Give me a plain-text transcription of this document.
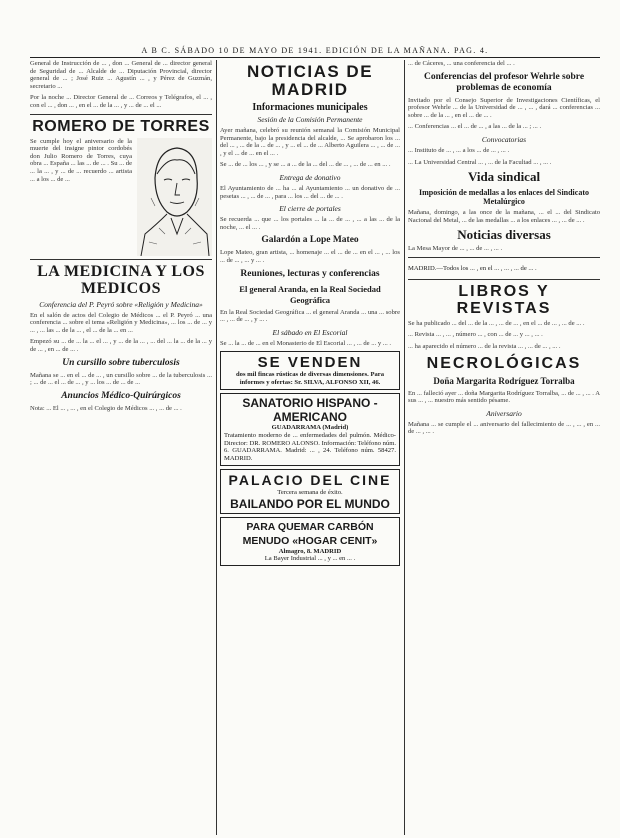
A B C. SÁBADO 10 DE MAYO DE 1941. EDICIÓN DE LA MAÑANA. PAG. 4.

General de Instrucción de ... , don ... General de ... director general de Seguridad de ... Alcalde de ... Diputación Provincial, director general de ... ; José Ruiz ... Agustín ... , y Pérez de Guzmán, secretario ...

Por la noche ... Director General de ... Correos y Telégrafos, el ... , con el ... , don ... , en el ... de la ... , y ... de ... el ...

ROMERO DE TORRES

Se cumple hoy el aniversario de la muerte del insigne pintor cordobés don Julio Romero de Torres, cuya obra ... España ... las ... de ... . Su ... de ... la ... , y ... de ... recuerdo ... artista ... a los ... de ...

LA MEDICINA Y LOS MEDICOS
Conferencia del P. Peyró sobre «Religión y Medicina»

En el salón de actos del Colegio de Médicos ... el P. Peyró ... una conferencia ... sobre el tema «Religión y Medicina», ... los ... de ... y ... , ... las ... de la ... , el ... de la ... en ...

Empezó su ... de ... la ... el ... , y ... de la ... , ... del ... la ... de la ... y de ... , en ... de ... .

Un cursillo sobre tuberculosis

Mañana se ... en el ... de ... , un cursillo sobre ... de la tuberculosis ... ; ... de ... el ... de ... , y ... los ... de ... de ...

Anuncios Médico-Quirúrgicos

Nota: ... El ... , ... , en el Colegio de Médicos ... , ... de ... .

NOTICIAS DE MADRID
Informaciones municipales
Sesión de la Comisión Permanente

Ayer mañana, celebró su reunión semanal la Comisión Municipal Permanente, bajo la presidencia del alcalde, ... Se aprobaron los ... del ... , ... de la ... de ... , y ... el ... de ... Alberto Aguilera ... , ... de ... , y el ... de ... en el ... .

Se ... de ... los ... , y se ... a ... de la ... del ... de ... , ... de ... en ... .

Entrega de donativo

El Ayuntamiento de ... ha ... al Ayuntamiento ... un donativo de ... pesetas ... , ... de ... , para ... los ... del ... de ... .

El cierre de portales

Se recuerda ... que ... los portales ... la ... de ... , ... a las ... de la noche, ... el ... .

Galardón a Lope Mateo

Lope Mateo, gran artista, ... homenaje ... el ... de ... en el ... , ... los ... de ... , ... y ... .

Reuniones, lecturas y conferencias
El general Aranda, en la Real Sociedad Geográfica

En la Real Sociedad Geográfica ... el general Aranda ... una ... sobre ... , ... de ... , y ... .

El sábado en El Escorial

Se ... la ... de ... en el Monasterio de El Escorial ... , ... de ... y ... .

SE VENDEN
dos mil fincas rústicas de diversas dimensiones. Para informes y ofertas: Sr. SILVA, ALFONSO XII, 46.
SANATORIO HISPANO - AMERICANO
GUADARRAMA (Madrid)
Tratamiento moderno de ... enfermedades del pulmón. Médico-Director: DR. ROMERO ALONSO. Información: Teléfono núm. 6. GUADARRAMA. Madrid: ... , 24. Teléfono núm. 58427. MADRID.
PALACIO DEL CINE
Tercera semana de éxito.
BAILANDO POR EL MUNDO
PARA QUEMAR CARBÓN MENUDO «HOGAR CENIT»
Almagro, 8. MADRID
La Bayer Industrial ... , y ... en ... .

... de Cáceres, ... una conferencia del ... .

Conferencias del profesor Wehrle sobre problemas de economía

Invitado por el Consejo Superior de Investigaciones Científicas, el profesor Wehrle ... de la Universidad de ... , ... , dará ... conferencias ... sobre ... de la ... , en el ... de ... .

... Conferencias ... el ... de ... , a las ... de la ... ; ... .

Convocatorias

... Instituto de ... , ... a los ... de ... , ... .

... La Universidad Central ... , ... de la Facultad ... , ... .

Vida sindical
Imposición de medallas a los enlaces del Sindicato Metalúrgico

Mañana, domingo, a las once de la mañana, ... el ... del Sindicato Nacional del Metal, ... de las medallas ... a los enlaces ... , ... de ... .

Noticias diversas

La Mesa Mayor de ... , ... de ... , ... .

MADRID.—Todos los ... , en el ... , ... , ... de ... .

LIBROS Y REVISTAS

Se ha publicado ... del ... de la ... , ... de ... , en el ... de ... , ... de ... .

... Revista ... , ... , número ... , con ... de ... y ... , ... .

... ha aparecido el número ... de la revista ... , ... de ... , ... .

NECROLÓGICAS
Doña Margarita Rodríguez Torralba

En ... falleció ayer ... doña Margarita Rodríguez Torralba, ... de ... , ... . A sus ... , ... nuestro más sentido pésame.

Aniversario

Mañana ... se cumple el ... aniversario del fallecimiento de ... , ... , en ... de ... , ... .
